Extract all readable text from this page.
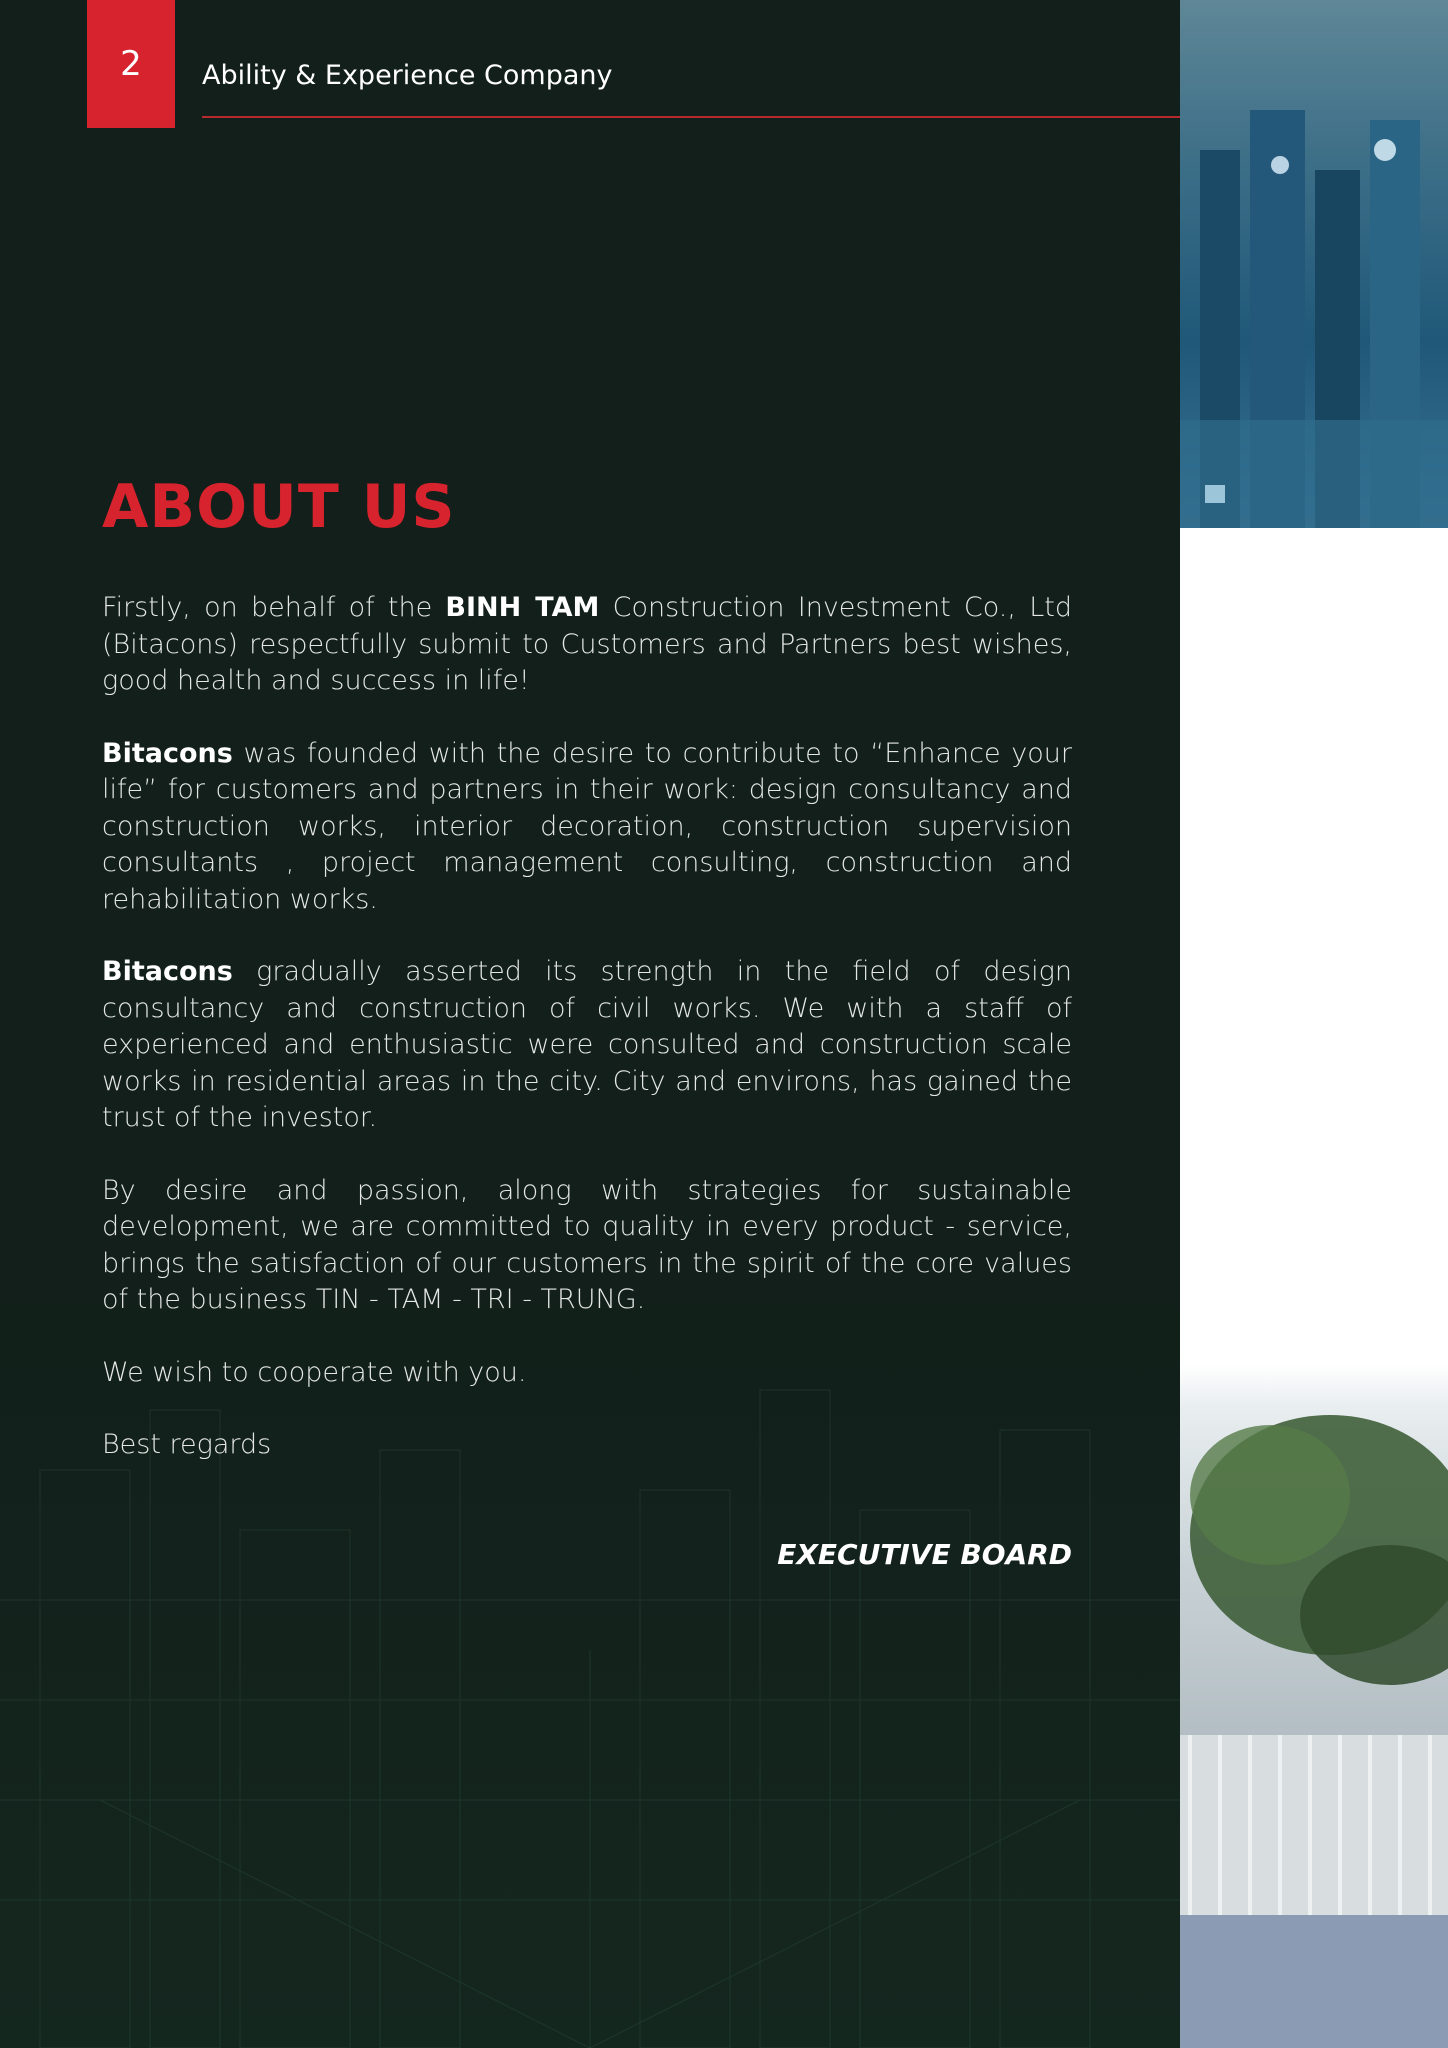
2 Ability & Experience Company
ABOUT US

Firstly, on behalf of the BINH TAM Construction Investment Co., Ltd (Bitacons) respectfully submit to Customers and Partners best wishes, good health and success in life!

Bitacons was founded with the desire to contribute to “Enhance your life” for customers and partners in their work: design consultancy and construction works, interior decoration, construction supervision consultants , project management consulting, construction and rehabilitation works.

Bitacons gradually asserted its strength in the field of design consultancy and construction of civil works. We with a staff of experienced and enthusiastic were consulted and construction scale works in residential areas in the city. City and environs, has gained the trust of the investor.

By desire and passion, along with strategies for sustainable development, we are committed to quality in every product - service, brings the satisfaction of our customers in the spirit of the core values of the business TIN - TAM - TRI - TRUNG.

We wish to cooperate with you.

Best regards

EXECUTIVE BOARD
